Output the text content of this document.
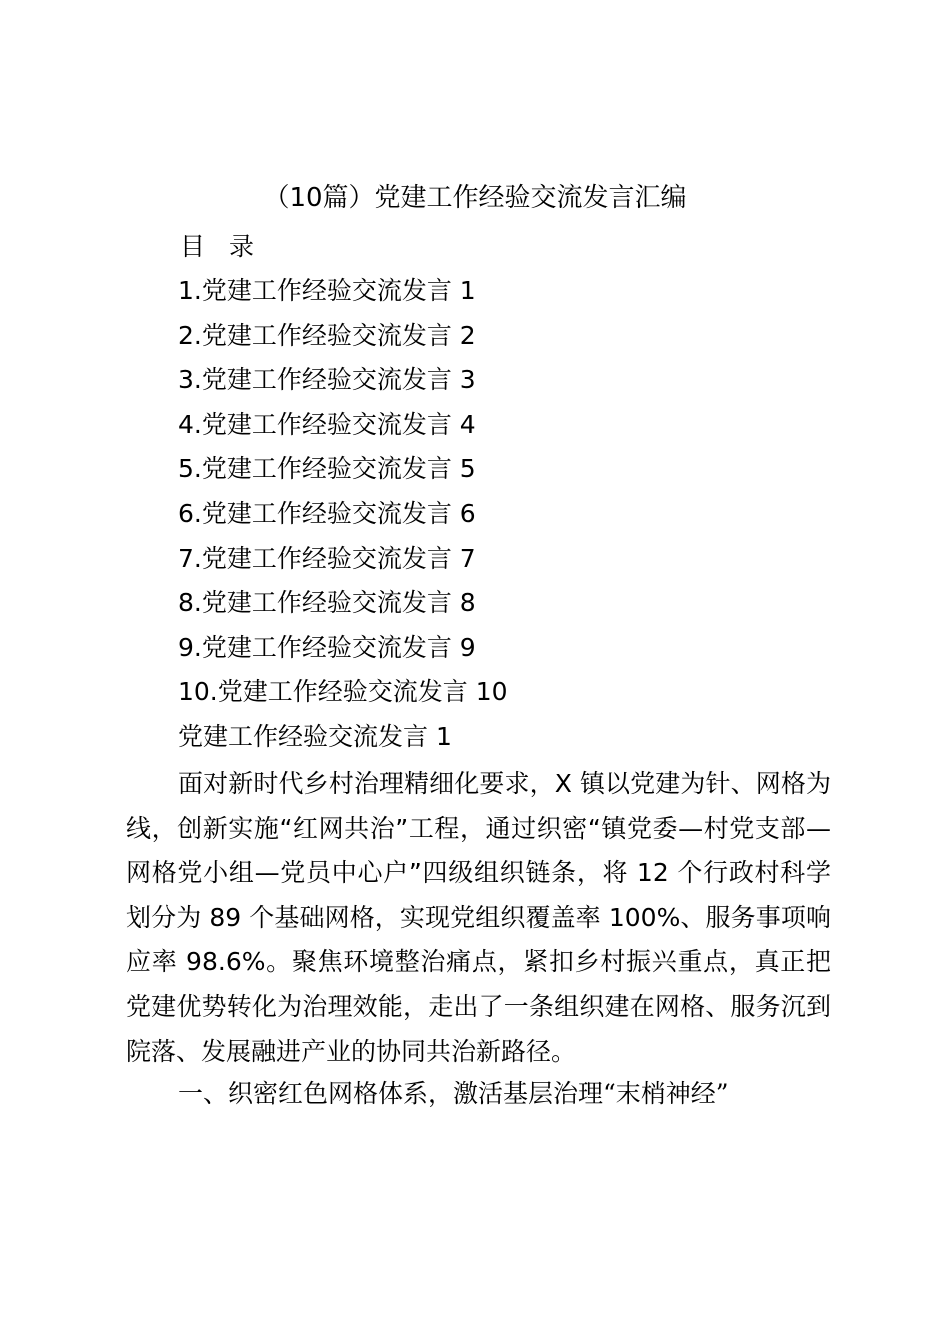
（10篇）党建工作经验交流发言汇编
目 录
1.党建工作经验交流发言 1
2.党建工作经验交流发言 2
3.党建工作经验交流发言 3
4.党建工作经验交流发言 4
5.党建工作经验交流发言 5
6.党建工作经验交流发言 6
7.党建工作经验交流发言 7
8.党建工作经验交流发言 8
9.党建工作经验交流发言 9
10.党建工作经验交流发言 10
党建工作经验交流发言 1

面对新时代乡村治理精细化要求，X 镇以党建为针、网格为线，创新实施“红网共治”工程，通过织密“镇党委—村党支部—网格党小组—党员中心户”四级组织链条，将 12 个行政村科学划分为 89 个基础网格，实现党组织覆盖率 100%、服务事项响应率 98.6%。聚焦环境整治痛点，紧扣乡村振兴重点，真正把党建优势转化为治理效能，走出了一条组织建在网格、服务沉到院落、发展融进产业的协同共治新路径。

一、织密红色网格体系，激活基层治理“末梢神经”
